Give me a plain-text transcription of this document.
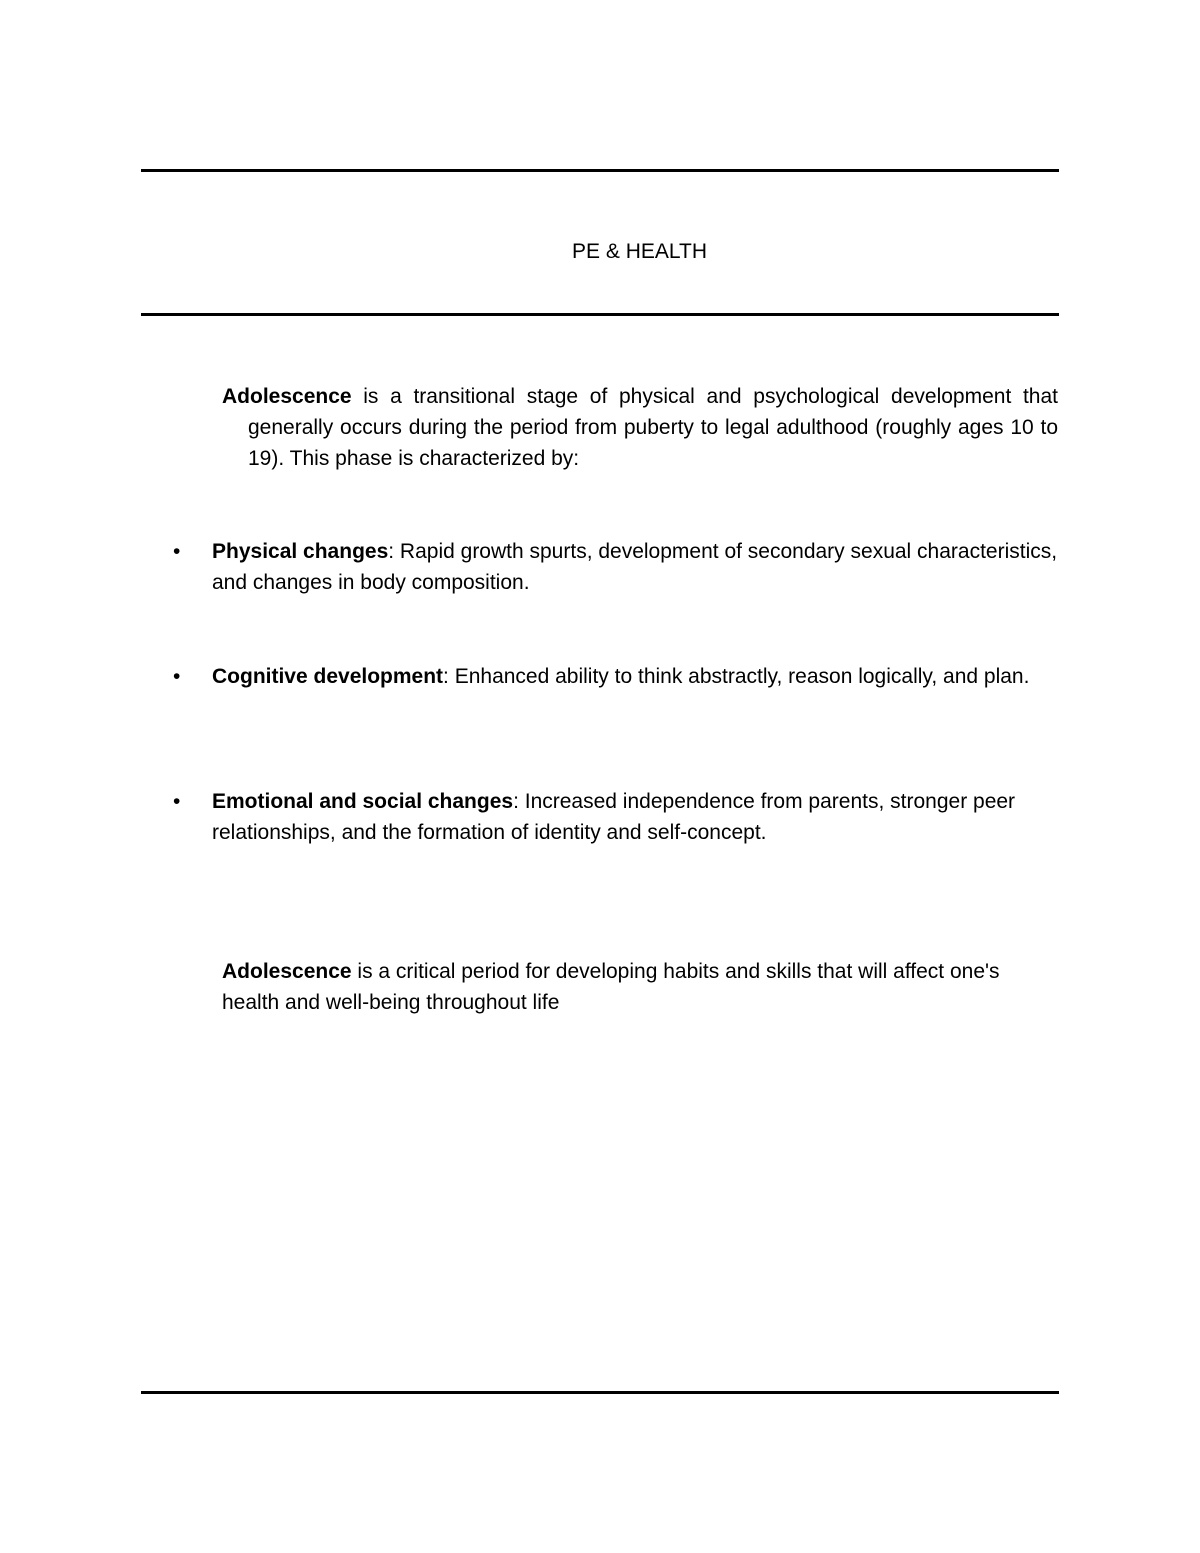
PE & HEALTH

Adolescence is a transitional stage of physical and psychological development that generally occurs during the period from puberty to legal adulthood (roughly ages 10 to 19). This phase is characterized by:

•	Physical changes: Rapid growth spurts, development of secondary sexual characteristics, and changes in body composition.
•	Cognitive development: Enhanced ability to think abstractly, reason logically, and plan.
•	Emotional and social changes: Increased independence from parents, stronger peer relationships, and the formation of identity and self-concept.

Adolescence is a critical period for developing habits and skills that will affect one's health and well-being throughout life
